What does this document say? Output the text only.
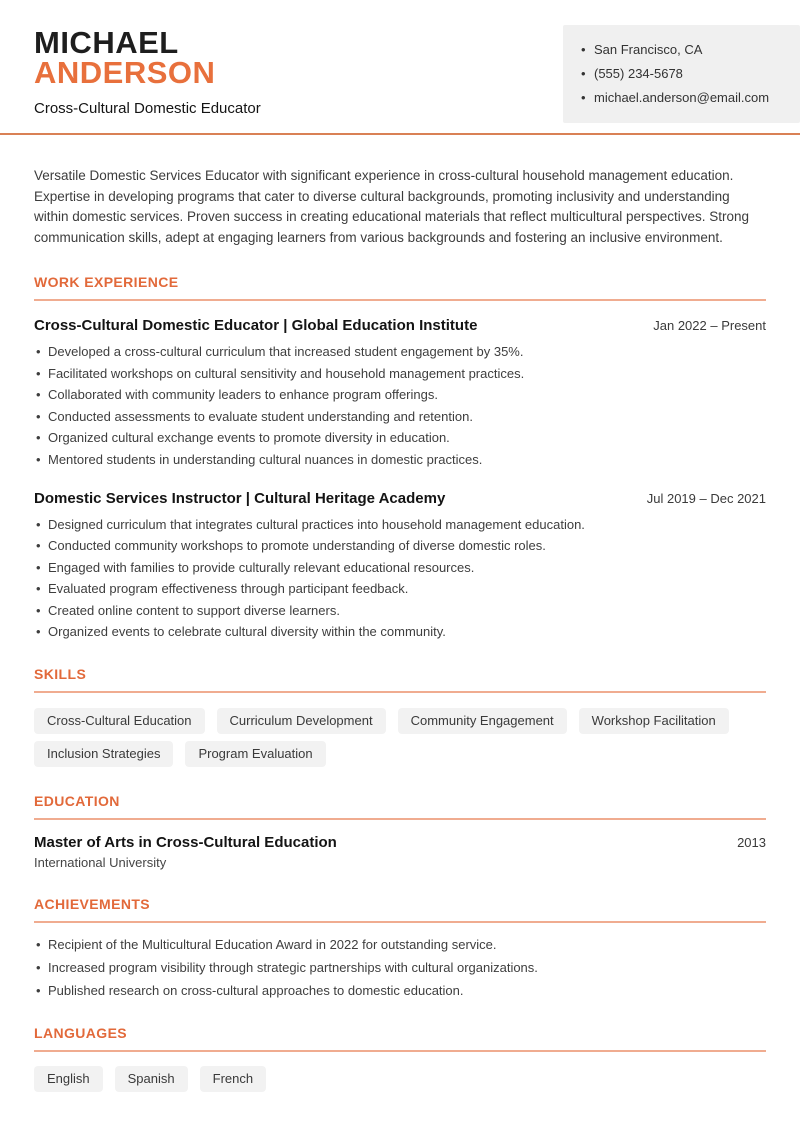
MICHAEL
ANDERSON
Cross-Cultural Domestic Educator
• San Francisco, CA
• (555) 234-5678
• michael.anderson@email.com

Versatile Domestic Services Educator with significant experience in cross-cultural household management education. Expertise in developing programs that cater to diverse cultural backgrounds, promoting inclusivity and understanding within domestic services. Proven success in creating educational materials that reflect multicultural perspectives. Strong communication skills, adept at engaging learners from various backgrounds and fostering an inclusive environment.

WORK EXPERIENCE
Cross-Cultural Domestic Educator | Global Education Institute	Jan 2022 – Present
• Developed a cross-cultural curriculum that increased student engagement by 35%.
• Facilitated workshops on cultural sensitivity and household management practices.
• Collaborated with community leaders to enhance program offerings.
• Conducted assessments to evaluate student understanding and retention.
• Organized cultural exchange events to promote diversity in education.
• Mentored students in understanding cultural nuances in domestic practices.
Domestic Services Instructor | Cultural Heritage Academy	Jul 2019 – Dec 2021
• Designed curriculum that integrates cultural practices into household management education.
• Conducted community workshops to promote understanding of diverse domestic roles.
• Engaged with families to provide culturally relevant educational resources.
• Evaluated program effectiveness through participant feedback.
• Created online content to support diverse learners.
• Organized events to celebrate cultural diversity within the community.
SKILLS
Cross-Cultural Education	Curriculum Development	Community Engagement	Workshop Facilitation
Inclusion Strategies	Program Evaluation
EDUCATION
Master of Arts in Cross-Cultural Education	2013
International University
ACHIEVEMENTS
• Recipient of the Multicultural Education Award in 2022 for outstanding service.
• Increased program visibility through strategic partnerships with cultural organizations.
• Published research on cross-cultural approaches to domestic education.
LANGUAGES
English	Spanish	French
